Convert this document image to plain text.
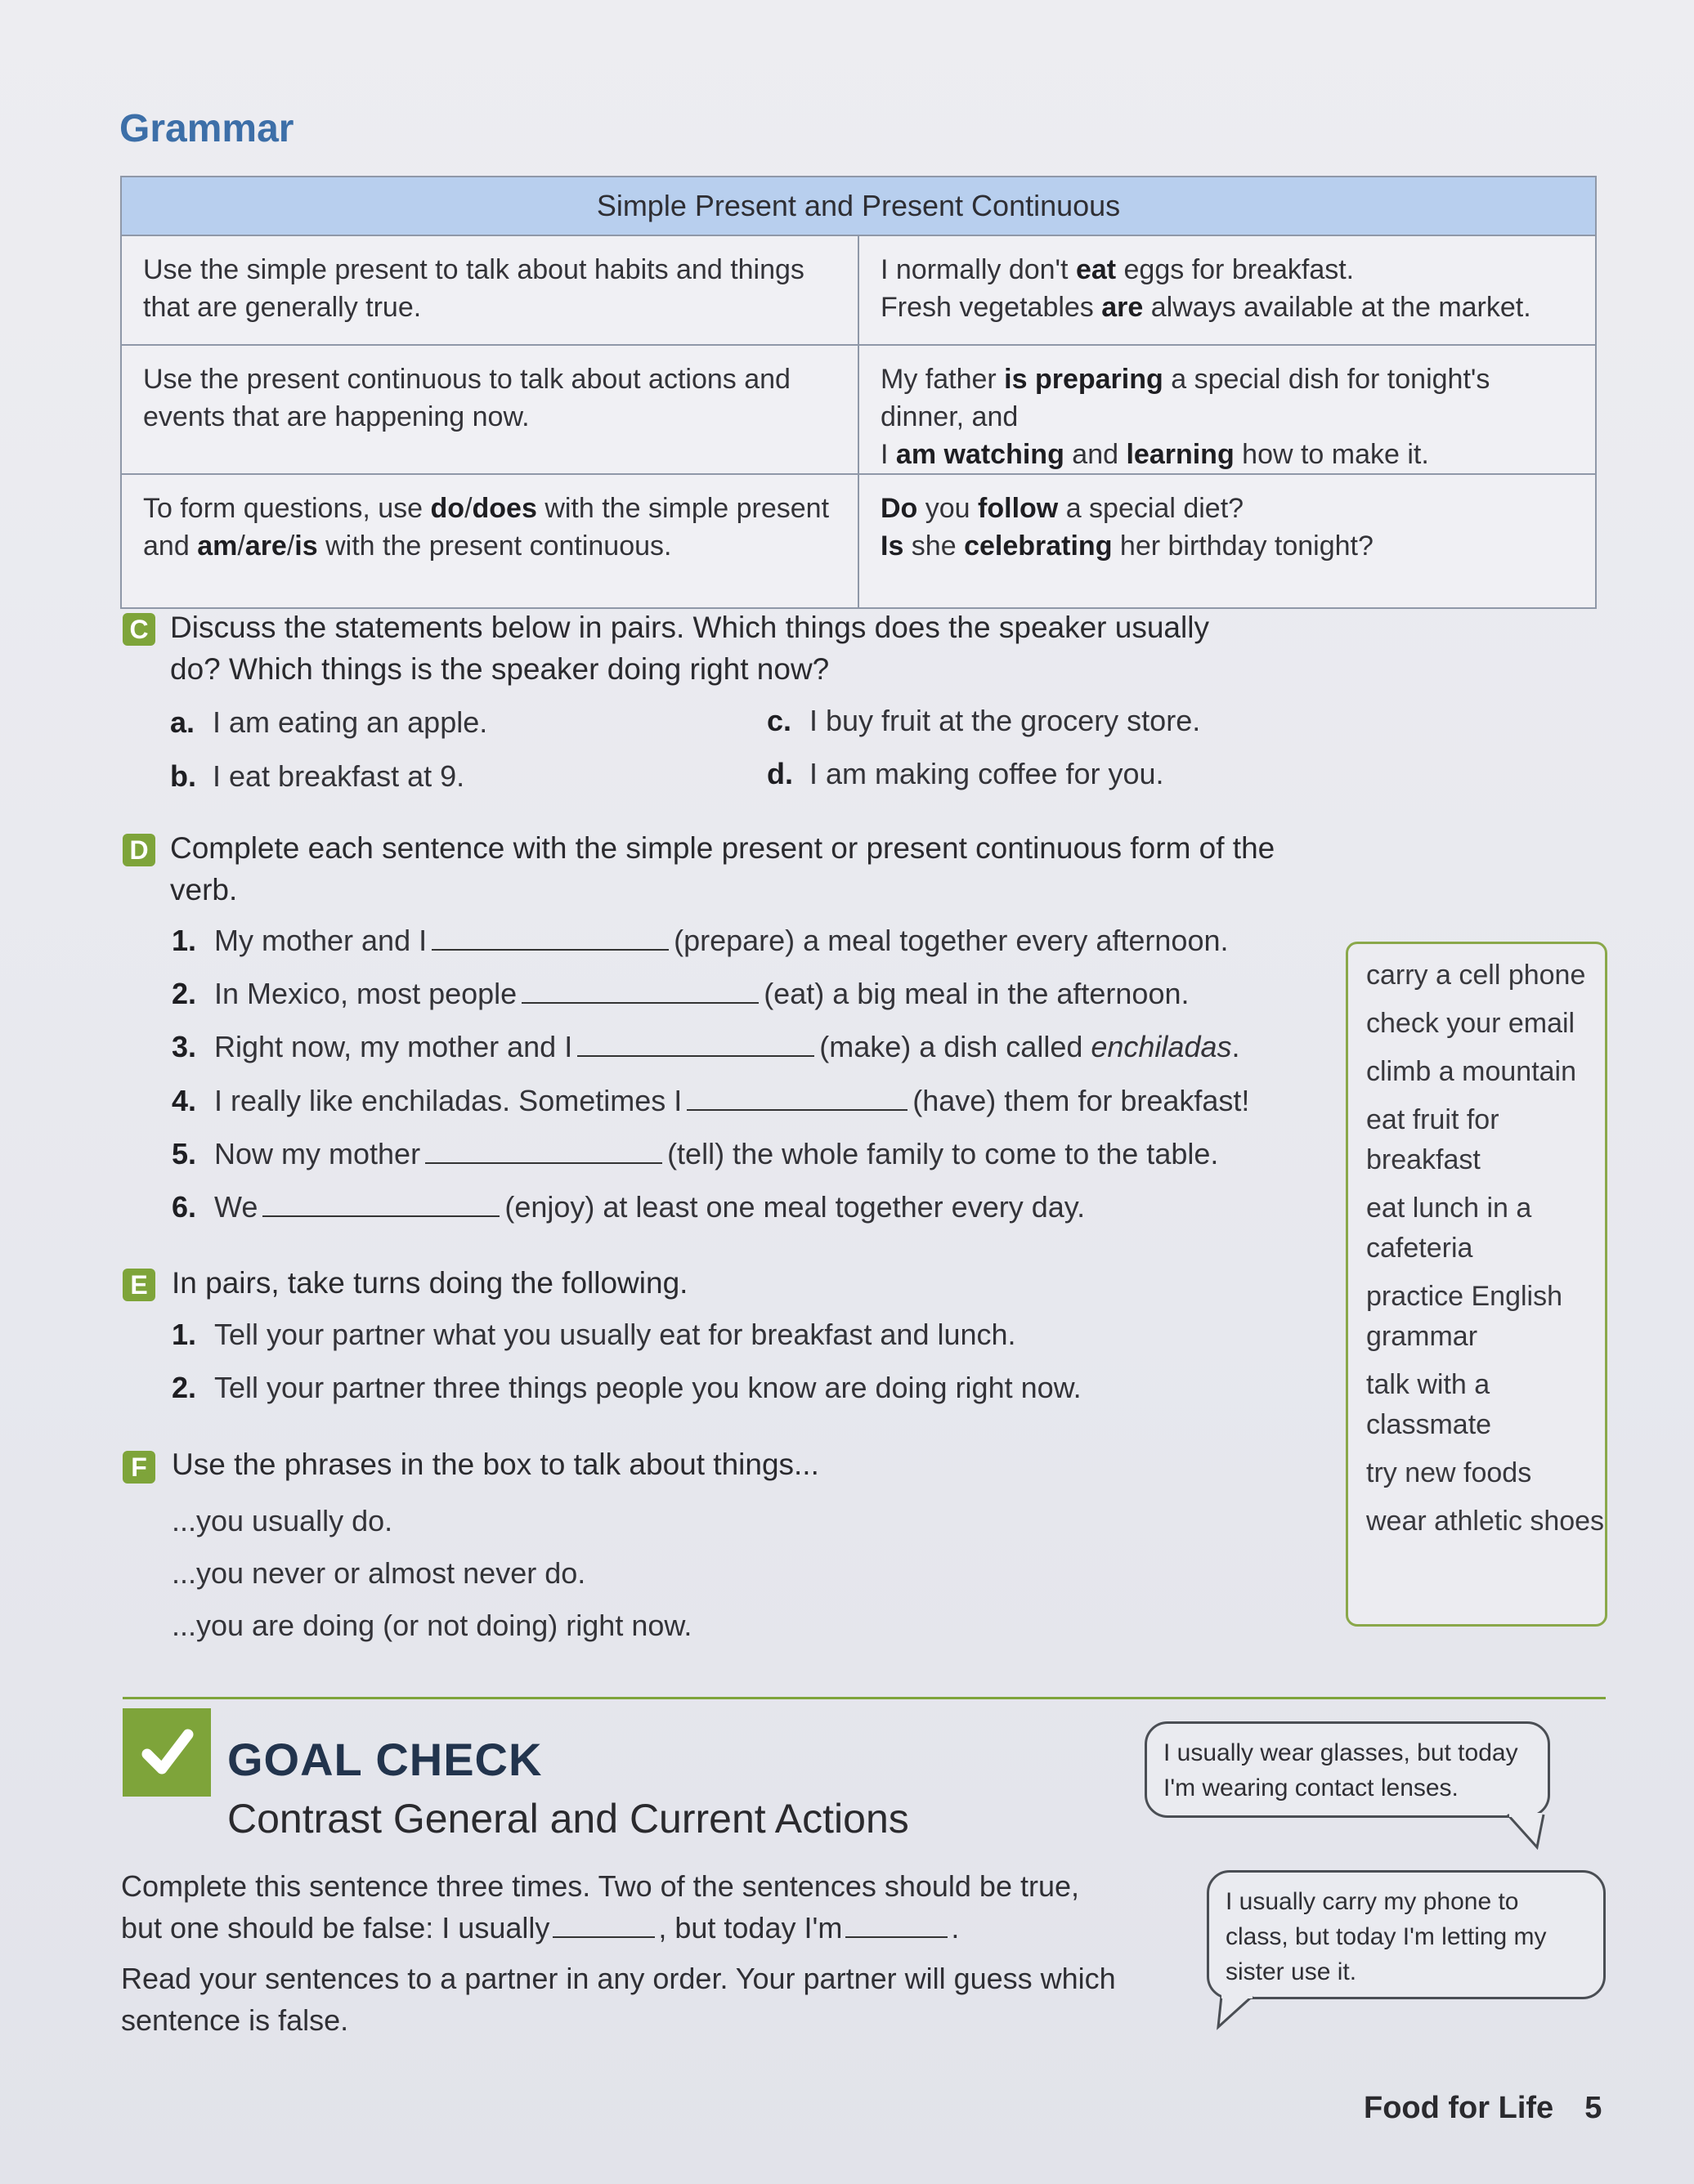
Grammar
Simple Present and Present Continuous	
Use the simple present to talk about habits and things that are generally true.	I normally don't eat eggs for breakfast.
Fresh vegetables are always available at the market.

Use the present continuous to talk about actions and events that are happening now.	My father is preparing a special dish for tonight's dinner, and
I am watching and learning how to make it.

To form questions, use do/does with the simple present and am/are/is with the present continuous.	Do you follow a special diet?
Is she celebrating her birthday tonight?
C Discuss the statements below in pairs. Which things does the speaker usually do? Which things is the speaker doing right now?
a. I am eating an apple.
b. I eat breakfast at 9.
c. I buy fruit at the grocery store.
d. I am making coffee for you.
D Complete each sentence with the simple present or present continuous form of the verb.
1. My mother and I	(prepare) a meal together every afternoon.
2. In Mexico, most people	(eat) a big meal in the afternoon.
3. Right now, my mother and I	(make) a dish called enchiladas.
4. I really like enchiladas. Sometimes I	(have) them for breakfast!
5. Now my mother	(tell) the whole family to come to the table.
6. We	(enjoy) at least one meal together every day.
E In pairs, take turns doing the following.
1. Tell your partner what you usually eat for breakfast and lunch.
2. Tell your partner three things people you know are doing right now.
F Use the phrases in the box to talk about things...
...you usually do.
...you never or almost never do.
...you are doing (or not doing) right now.
carry a cell phone
check your email
climb a mountain
eat fruit for breakfast
eat lunch in a cafeteria
practice English grammar
talk with a classmate
try new foods
wear athletic shoes
GOAL CHECK
Contrast General and Current Actions
Complete this sentence three times. Two of the sentences should be true,
but one should be false: I usually	, but today I'm	.
Read your sentences to a partner in any order. Your partner will guess which sentence is false.
I usually wear glasses, but today I'm wearing contact lenses.
I usually carry my phone to class, but today I'm letting my sister use it.
Food for Life 5
